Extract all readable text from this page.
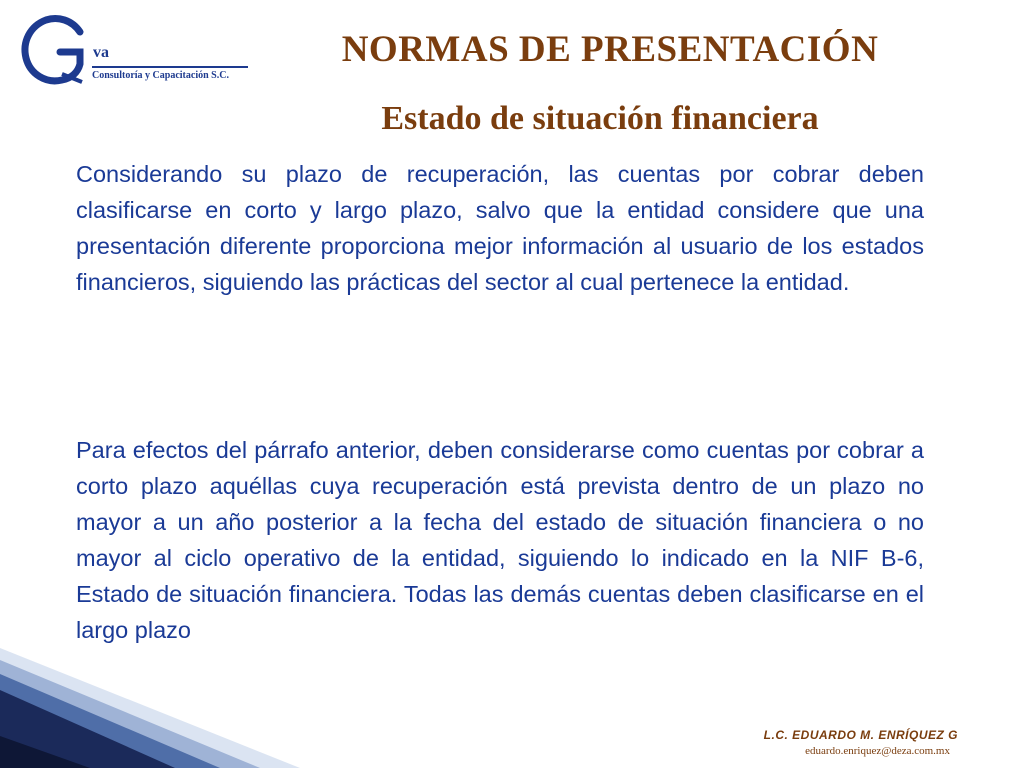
va
Consultoría y Capacitación S.C.
NORMAS DE PRESENTACIÓN
Estado de situación financiera

Considerando su plazo de recuperación, las cuentas por cobrar deben clasificarse en corto y largo plazo, salvo que la entidad considere que una presentación diferente proporciona mejor información al usuario de los estados financieros, siguiendo las prácticas del sector al cual pertenece la entidad.

Para efectos del párrafo anterior, deben considerarse como cuentas por cobrar a corto plazo aquéllas cuya recuperación está prevista dentro de un plazo no mayor a un año posterior a la fecha del estado de situación financiera o no mayor al ciclo operativo de la entidad, siguiendo lo indicado en la NIF B-6, Estado de situación financiera. Todas las demás cuentas deben clasificarse en el largo plazo

L.C. EDUARDO M. ENRÍQUEZ G
eduardo.enriquez@deza.com.mx
